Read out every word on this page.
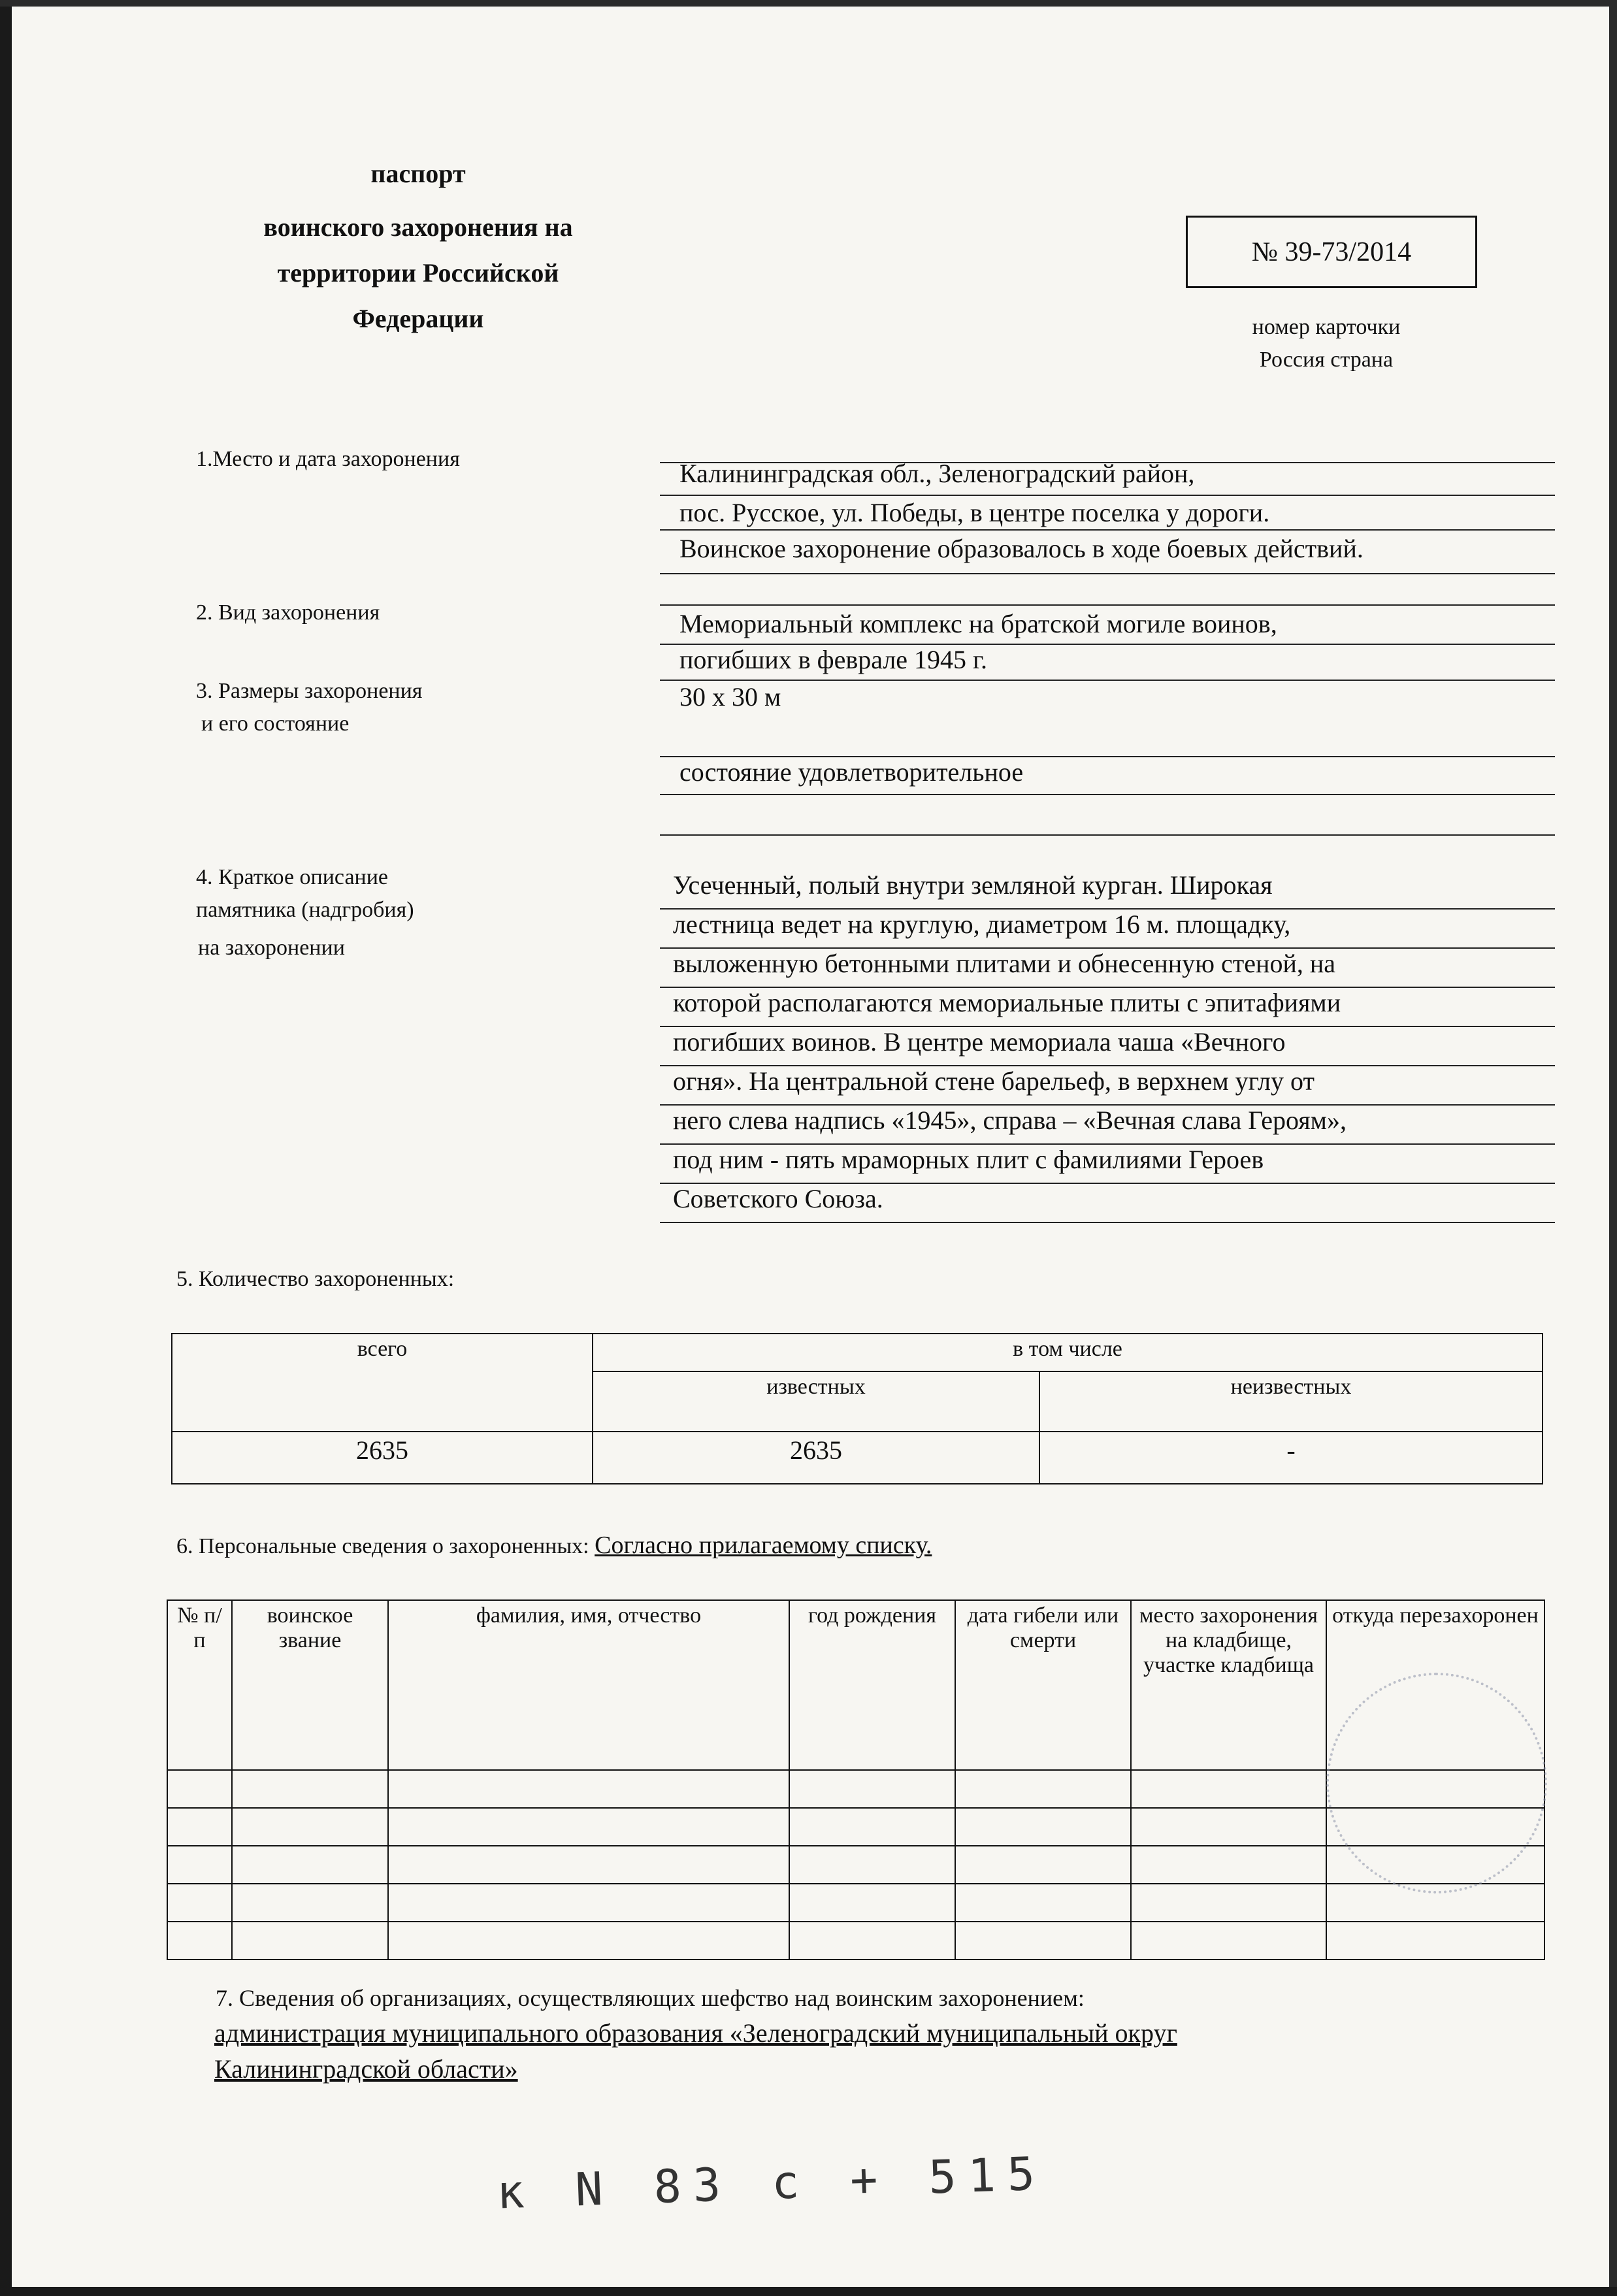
паспорт
воинского захоронения на
территории Российской
Федерации
№ 39-73/2014
номер карточки
Россия страна
1.Место и дата захоронения	Калининградская обл., Зеленоградский район,
пос. Русское, ул. Победы, в центре поселка у дороги.
Воинское захоронение образовалось в ходе боевых действий.
2. Вид захоронения	Мемориальный комплекс на братской могиле воинов,
погибших в феврале 1945 г.
3. Размеры захоронения
и его состояние
30 х 30 м
состояние удовлетворительное
4. Краткое описание
памятника (надгробия)
на захоронении
Усеченный, полый внутри земляной курган. Широкая
лестница ведет на круглую, диаметром 16 м. площадку,
выложенную бетонными плитами и обнесенную стеной, на
которой располагаются мемориальные плиты с эпитафиями
погибших воинов. В центре мемориала чаша «Вечного
огня». На центральной стене барельеф, в верхнем углу от
него слева надпись «1945», справа – «Вечная слава Героям»,
под ним - пять мраморных плит с фамилиями Героев
Советского Союза.
5. Количество захороненных:
всего	в том числе	
	известных	неизвестных
2635	2635	-
6. Персональные сведения о захороненных: Согласно прилагаемому списку.
№ п/п	воинское звание	фамилия, имя, отчество	год рождения	дата гибели или смерти	место захоронения на кладбище, участке кладбища	откуда перезахоронен

7. Сведения об организациях, осуществляющих шефство над воинским захоронением:
администрация муниципального образования «Зеленоградский муниципальный округ
Калининградской области»
к N 83 с + 515
